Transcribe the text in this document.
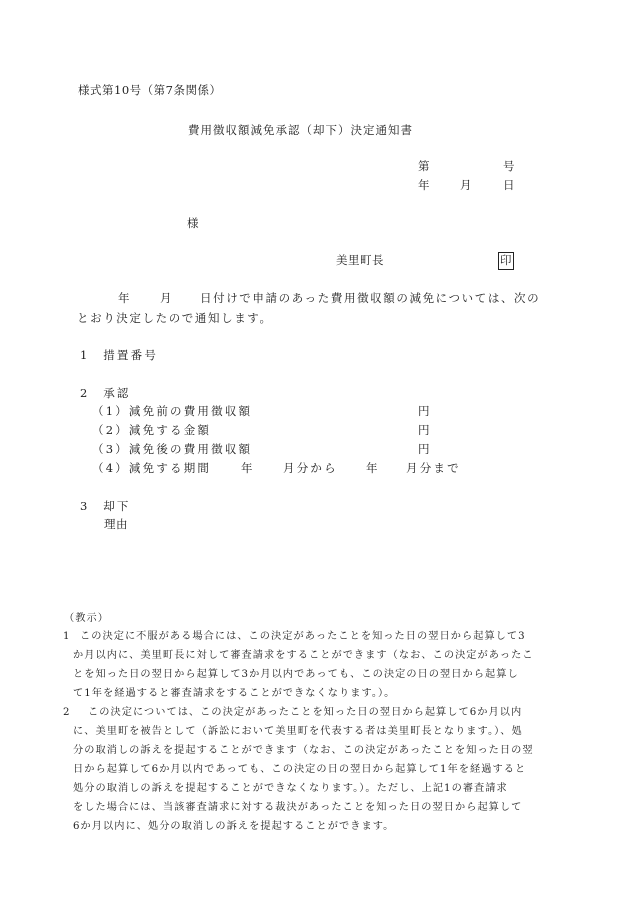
様式第10号（第7条関係）
費用徴収額減免承認（却下）決定通知書
第	号
年	月	日
様
美里町長	印
年	月 日付けで申請のあった費用徴収額の減免については、次の
とおり決定したので通知します。
1　措置番号
2　承認
（1）減免前の費用徴収額	円
（2）減免する金額	円
（3）減免後の費用徴収額	円
（4）減免する期間	年	月分から 年 月分まで
3　却下
理由
（教示）
1 この決定に不服がある場合には、この決定があったことを知った日の翌日から起算して3
か月以内に、美里町長に対して審査請求をすることができます（なお、この決定があったこ
とを知った日の翌日から起算して3か月以内であっても、この決定の日の翌日から起算し
て1年を経過すると審査請求をすることができなくなります。）。
2 この決定については、この決定があったことを知った日の翌日から起算して6か月以内
に、美里町を被告として（訴訟において美里町を代表する者は美里町長となります。）、処
分の取消しの訴えを提起することができます（なお、この決定があったことを知った日の翌
日から起算して6か月以内であっても、この決定の日の翌日から起算して1年を経過すると
処分の取消しの訴えを提起することができなくなります。）。ただし、上記1の審査請求
をした場合には、当該審査請求に対する裁決があったことを知った日の翌日から起算して
6か月以内に、処分の取消しの訴えを提起することができます。
